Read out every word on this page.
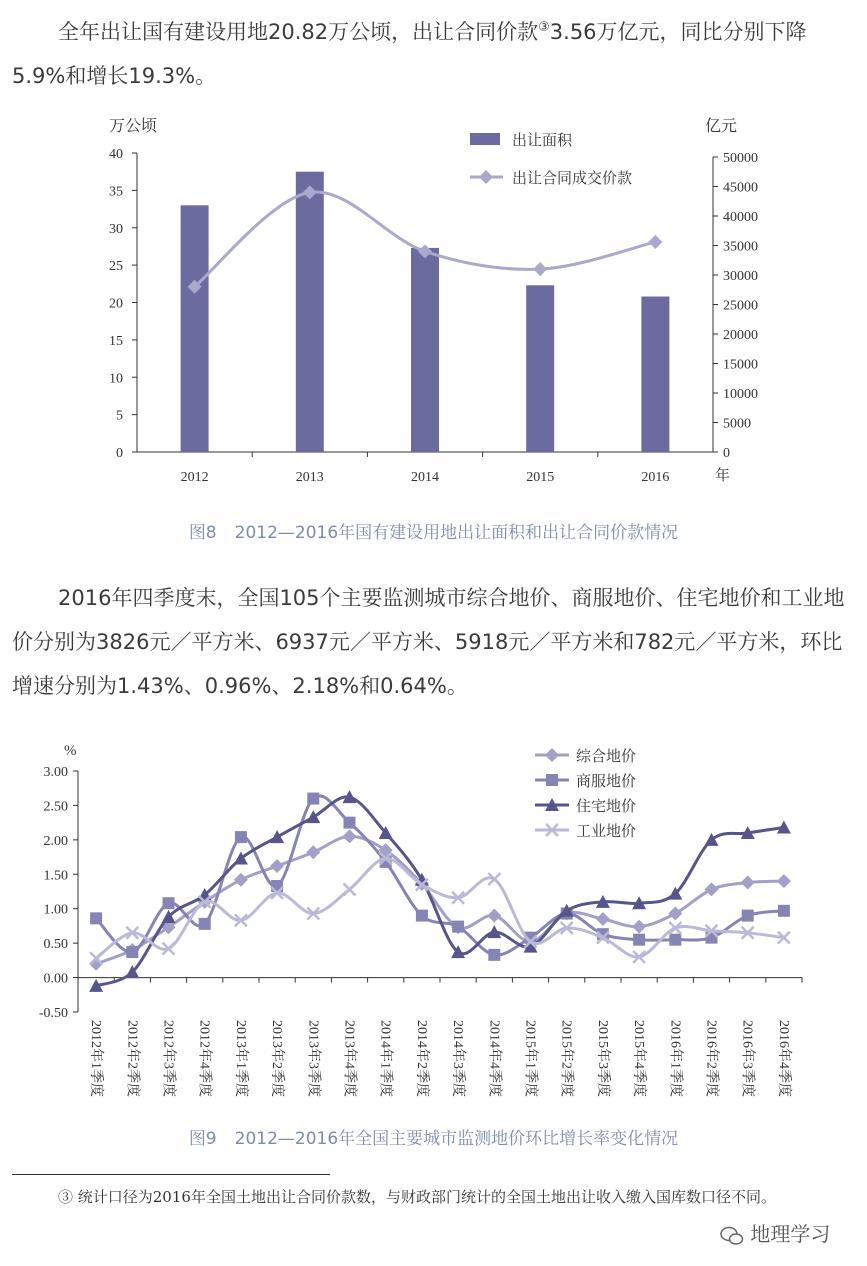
全年出让国有建设用地20.82万公顷，出让合同价款③3.56万亿元，同比分别下降5.9%和增长19.3%。

0
5
10
15
20
25
30
35
40
0
5000
10000
15000
20000
25000
30000
35000
40000
45000
50000
万公顷	亿元
年
2012	2013	2014	2015	2016
出让面积
出让合同成交价款
图8 2012—2016年国有建设用地出让面积和出让合同价款情况

2016年四季度末，全国105个主要监测城市综合地价、商服地价、住宅地价和工业地价分别为3826元／平方米、6937元／平方米、5918元／平方米和782元／平方米，环比增速分别为1.43%、0.96%、2.18%和0.64%。

-0.50
0.00
0.50
1.00
1.50
2.00
2.50
3.00
%
2012年1季度 2012年2季度 2012年3季度 2012年4季度 2013年1季度 2013年2季度 2013年3季度 2013年4季度 2014年1季度 2014年2季度 2014年3季度 2014年4季度 2015年1季度 2015年2季度 2015年3季度 2015年4季度 2016年1季度 2016年2季度 2016年3季度 2016年4季度
综合地价
商服地价
住宅地价
工业地价
图9 2012—2016年全国主要城市监测地价环比增长率变化情况

③ 统计口径为2016年全国土地出让合同价款数，与财政部门统计的全国土地出让收入缴入国库数口径不同。

地理学习
